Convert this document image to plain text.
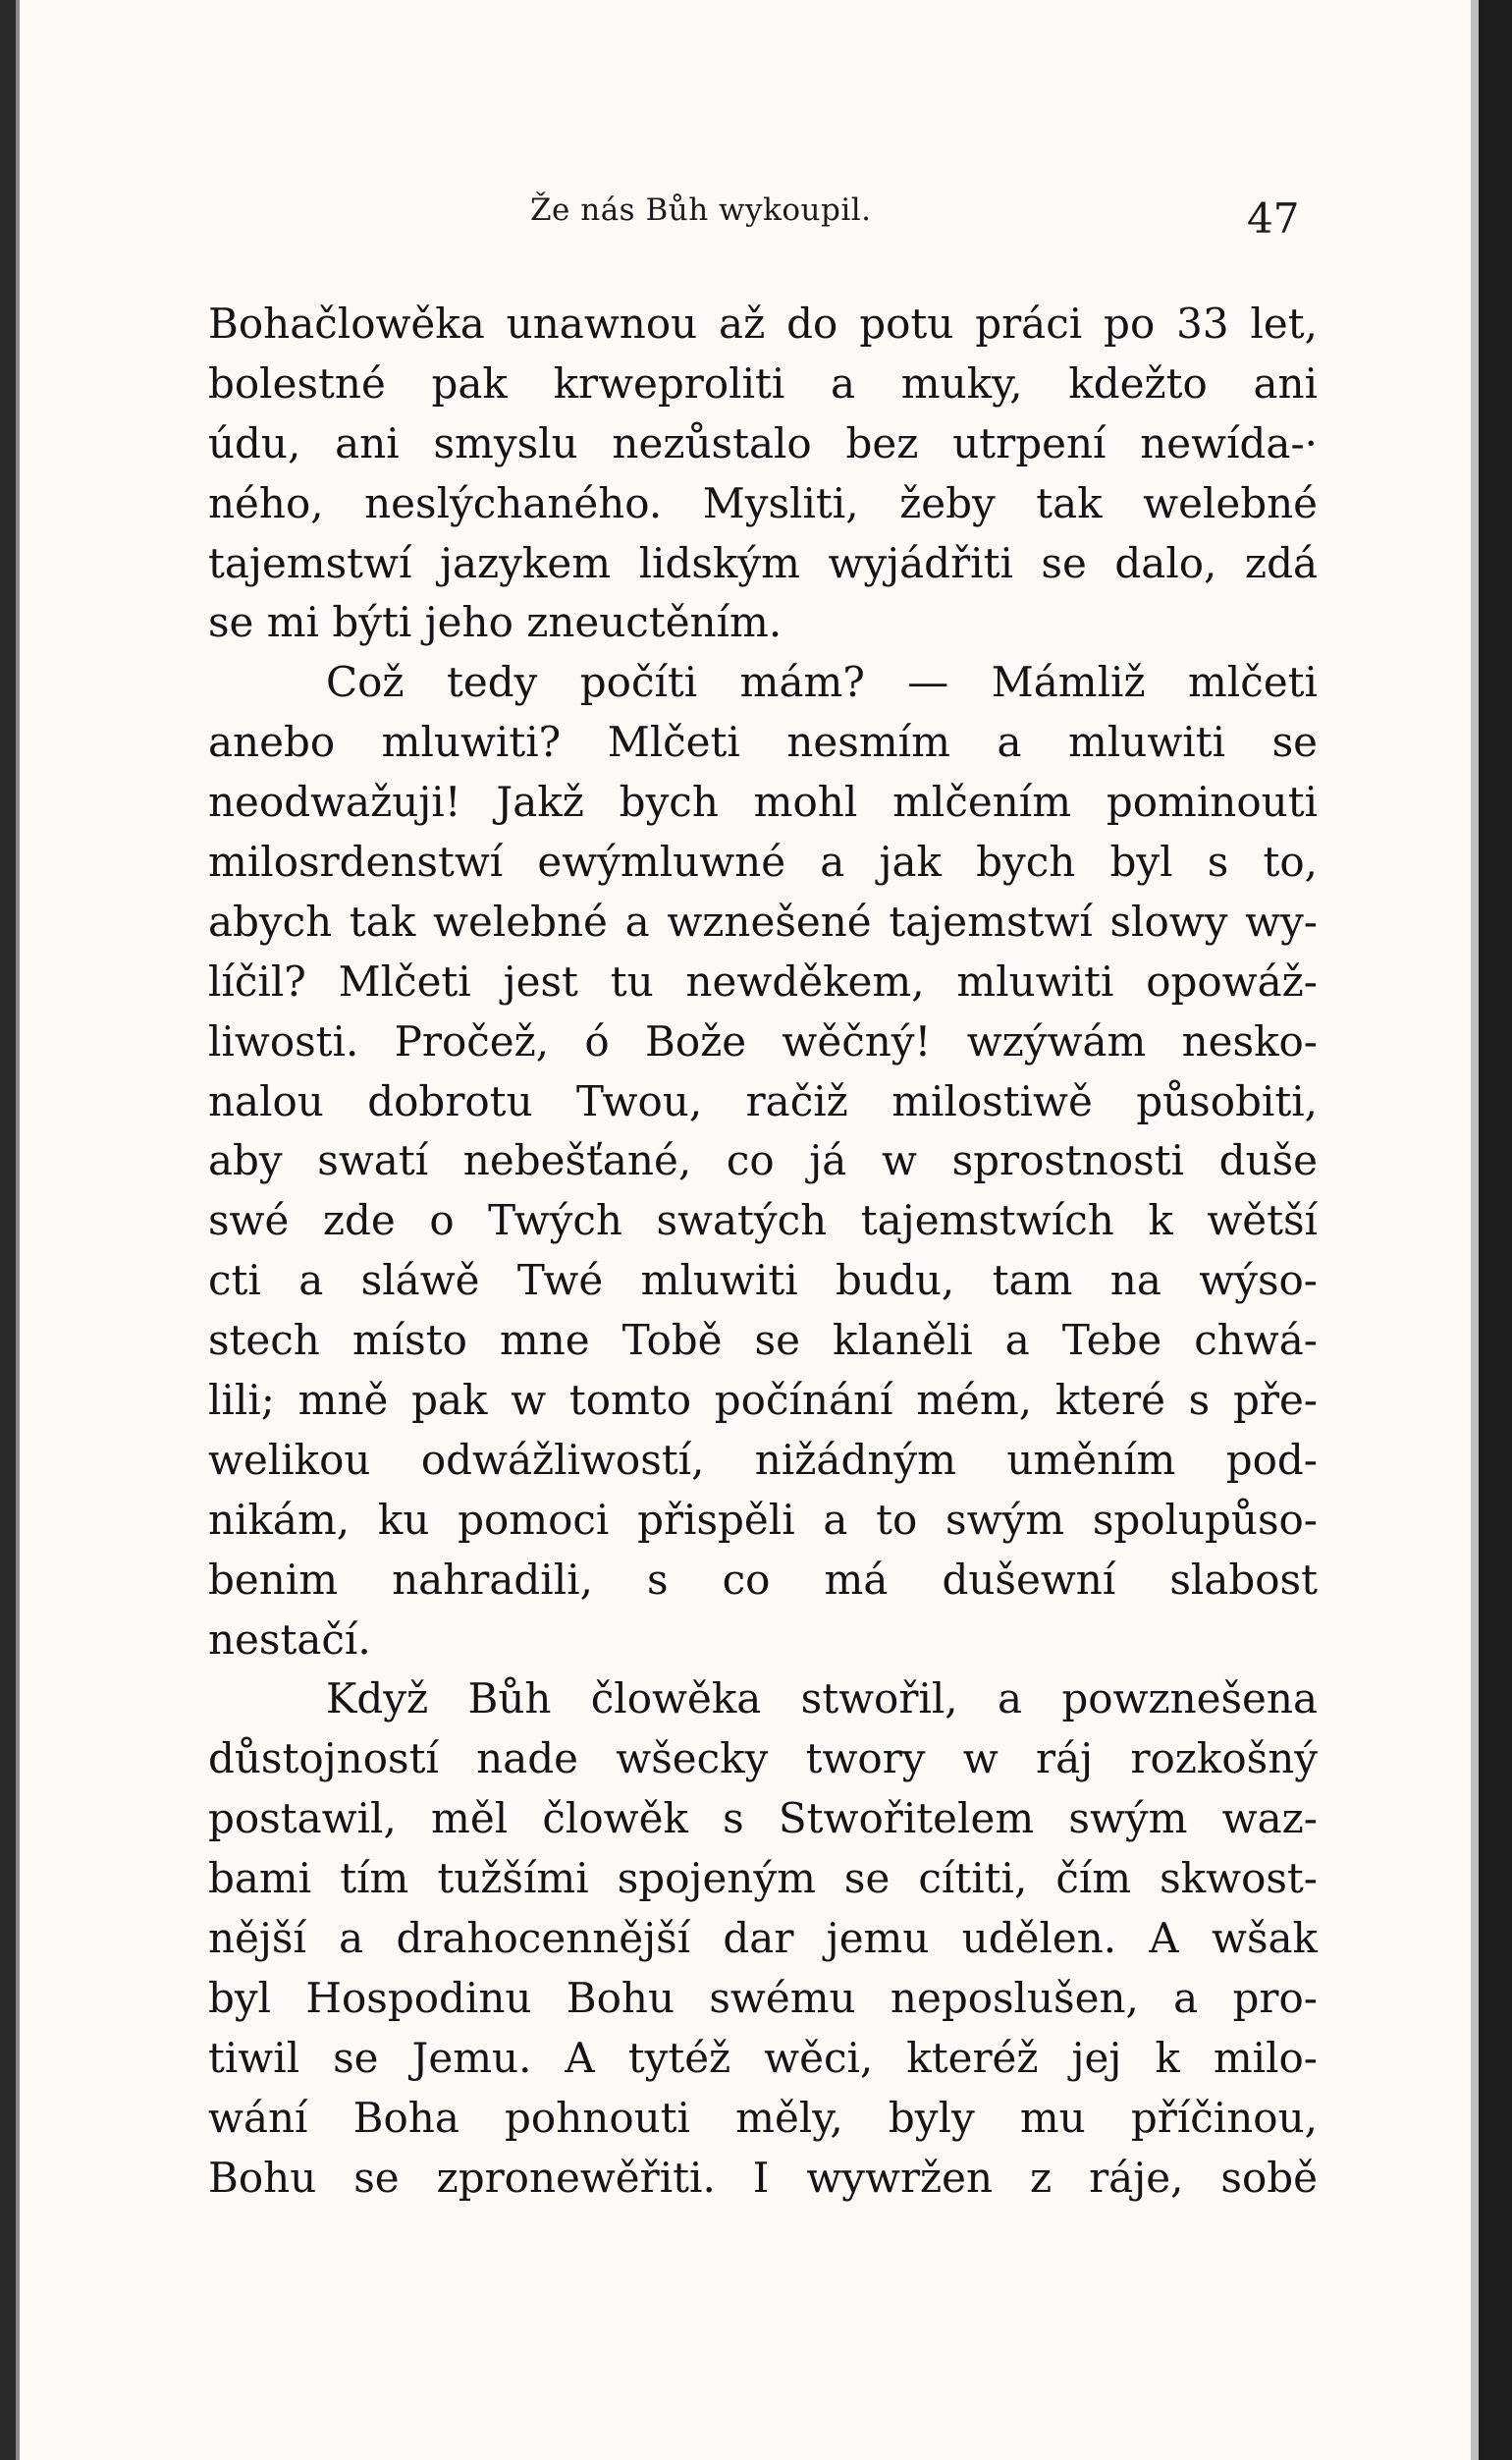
Že nás Bůh wykoupil.	47
Bohačlowěka unawnou až do potu práci po 33 let,
bolestné pak krweproliti a muky, kdežto ani
údu, ani smyslu nezůstalo bez utrpení newída-·
ného, neslýchaného. Mysliti, žeby tak welebné
tajemstwí jazykem lidským wyjádřiti se dalo, zdá
se mi býti jeho zneuctěním.
Což tedy počíti mám? — Mámliž mlčeti
anebo mluwiti? Mlčeti nesmím a mluwiti se
neodwažuji! Jakž bych mohl mlčením pominouti
milosrdenstwí ewýmluwné a jak bych byl s to,
abych tak welebné a wznešené tajemstwí slowy wy-
líčil? Mlčeti jest tu newděkem, mluwiti opowáž-
liwosti. Pročež, ó Bože wěčný! wzýwám nesko-
nalou dobrotu Twou, račiž milostiwě působiti,
aby swatí nebešťané, co já w sprostnosti duše
swé zde o Twých swatých tajemstwích k wětší
cti a sláwě Twé mluwiti budu, tam na wýso-
stech místo mne Tobě se klaněli a Tebe chwá-
lili; mně pak w tomto počínání mém, které s pře-
welikou odwážliwostí, nižádným uměním pod-
nikám, ku pomoci přispěli a to swým spolupůso-
benim nahradili, s co má dušewní slabost
nestačí.
Když Bůh člowěka stwořil, a powznešena
důstojností nade wšecky twory w ráj rozkošný
postawil, měl člowěk s Stwořitelem swým waz-
bami tím tužšími spojeným se cítiti, čím skwost-
nější a drahocennější dar jemu udělen. A wšak
byl Hospodinu Bohu swému neposlušen, a pro-
tiwil se Jemu. A tytéž wěci, kteréž jej k milo-
wání Boha pohnouti měly, byly mu příčinou,
Bohu se zpronewěřiti. I wywržen z ráje, sobě
